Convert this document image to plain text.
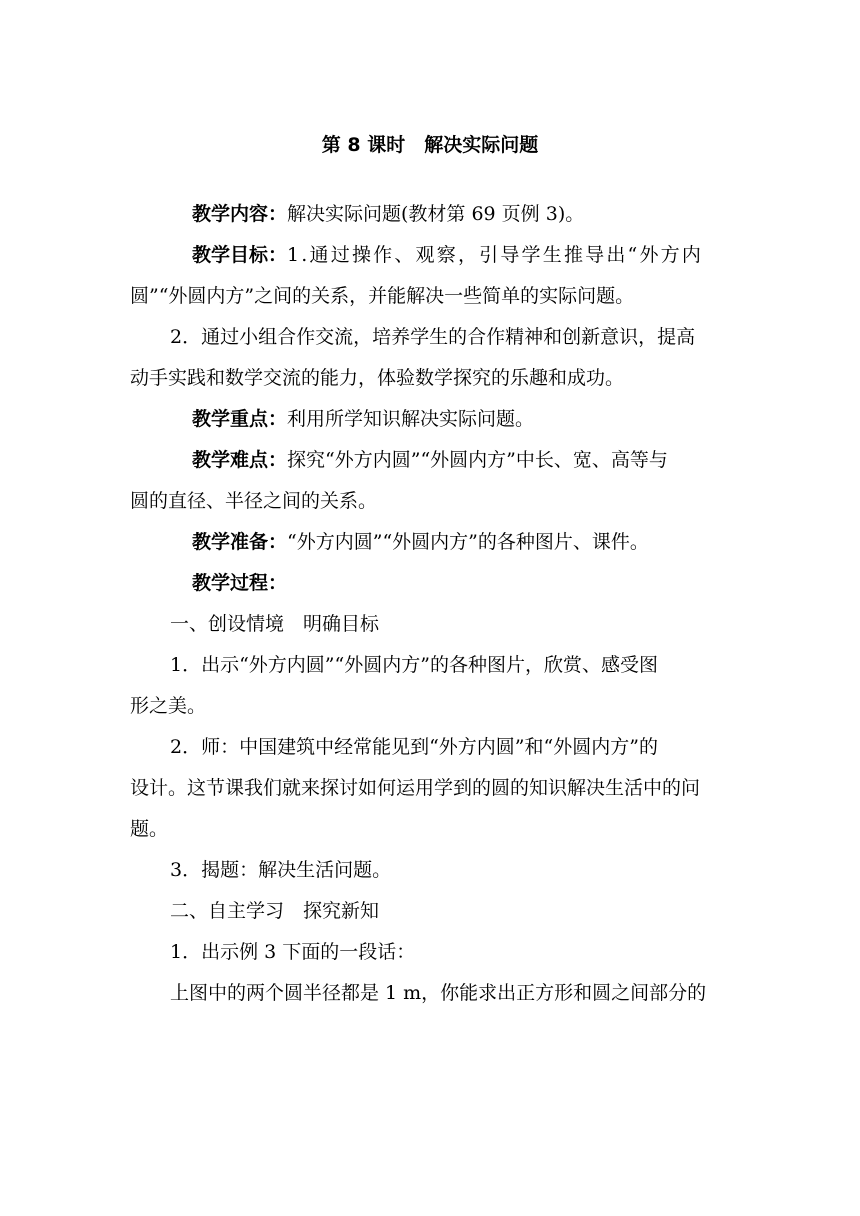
第 8 课时　解决实际问题

教学内容：解决实际问题(教材第 69 页例 3)。

教学目标：1.通过操作、观察，引导学生推导出“外方内

圆”“外圆内方”之间的关系，并能解决一些简单的实际问题。

2．通过小组合作交流，培养学生的合作精神和创新意识，提高

动手实践和数学交流的能力，体验数学探究的乐趣和成功。

教学重点：利用所学知识解决实际问题。

教学难点：探究“外方内圆”“外圆内方”中长、宽、高等与

圆的直径、半径之间的关系。

教学准备：“外方内圆”“外圆内方”的各种图片、课件。

教学过程：

一、创设情境　明确目标

1．出示“外方内圆”“外圆内方”的各种图片，欣赏、感受图

形之美。

2．师：中国建筑中经常能见到“外方内圆”和“外圆内方”的

设计。这节课我们就来探讨如何运用学到的圆的知识解决生活中的问

题。

3．揭题：解决生活问题。

二、自主学习　探究新知

1．出示例 3 下面的一段话：

上图中的两个圆半径都是 1 m，你能求出正方形和圆之间部分的
